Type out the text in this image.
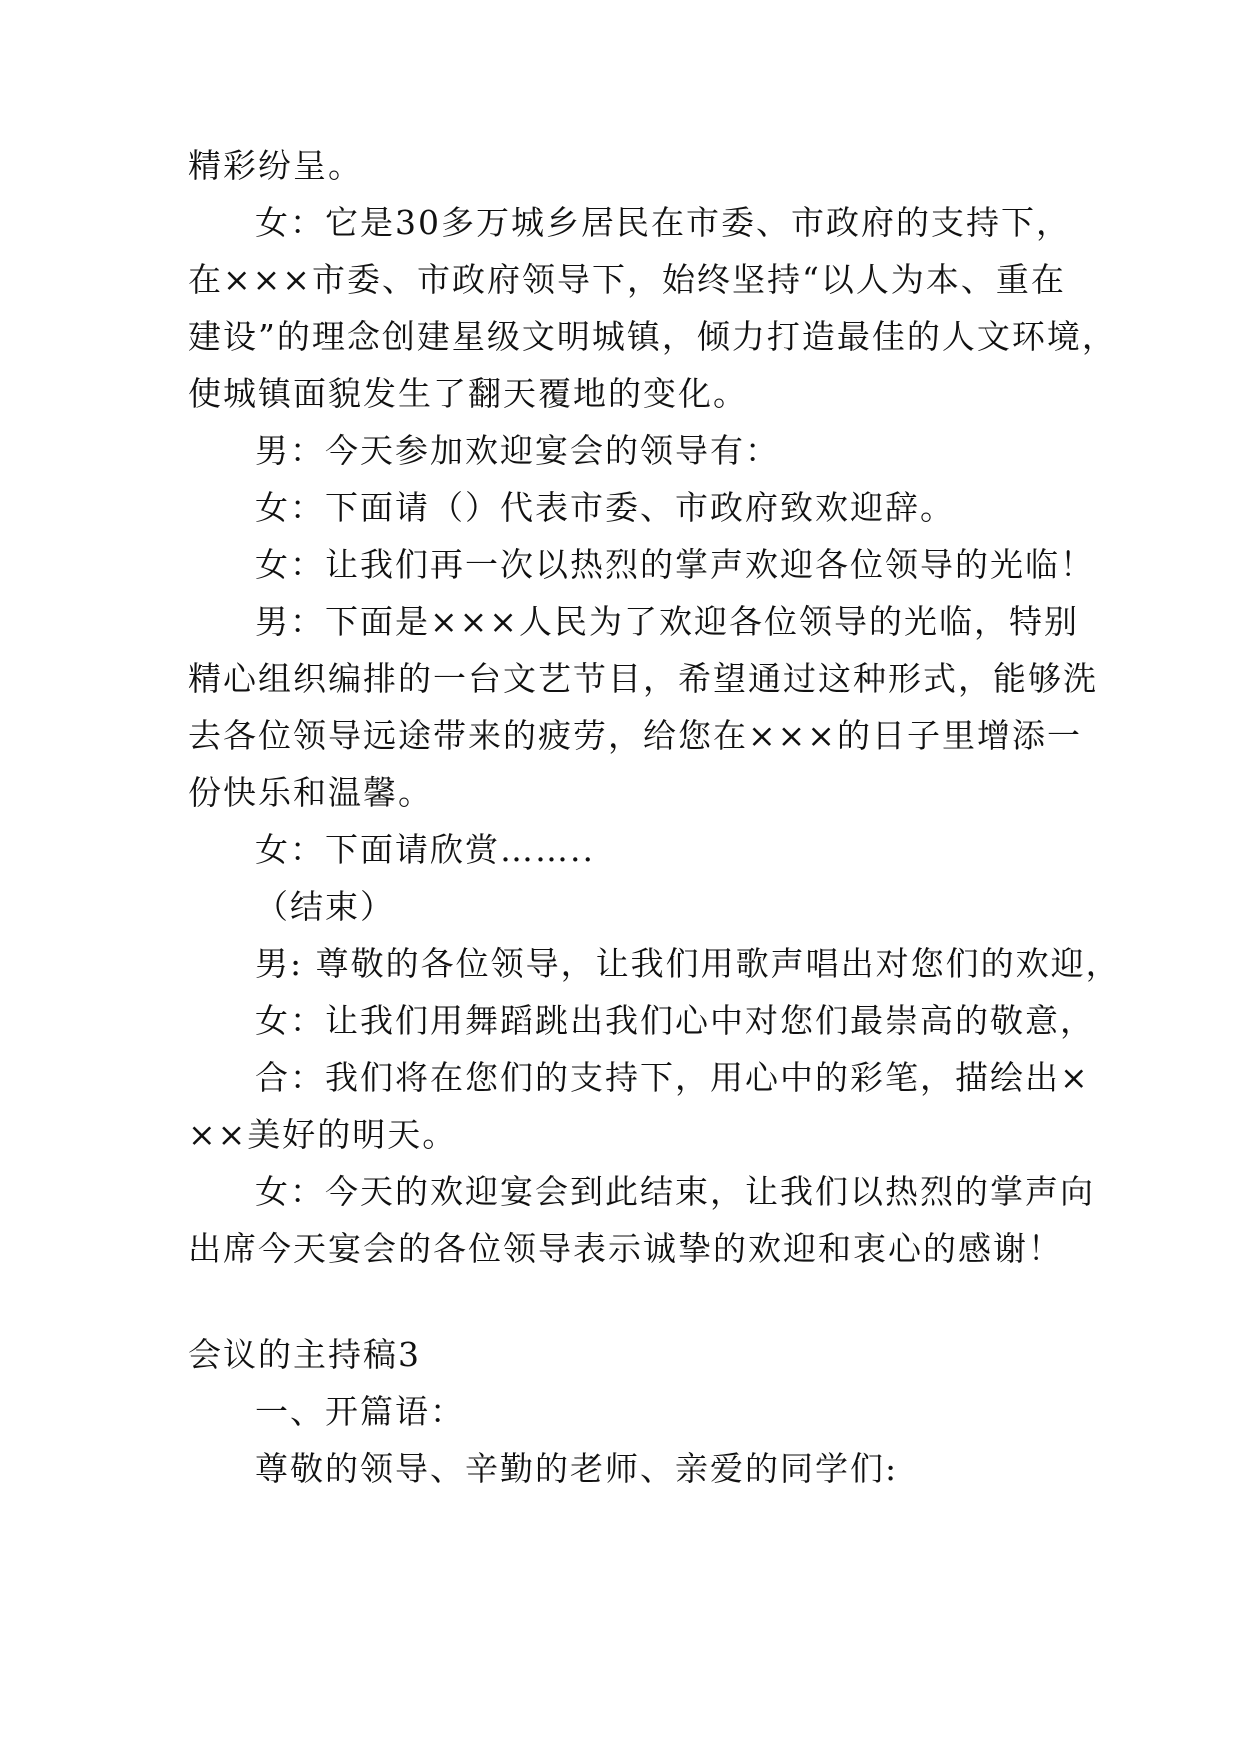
精彩纷呈。
女：它是30多万城乡居民在市委、市政府的支持下，
在×××市委、市政府领导下，始终坚持“以人为本、重在
建设”的理念创建星级文明城镇，倾力打造最佳的人文环境，
使城镇面貌发生了翻天覆地的变化。
男：今天参加欢迎宴会的领导有：
女：下面请（）代表市委、市政府致欢迎辞。
女：让我们再一次以热烈的掌声欢迎各位领导的光临！
男：下面是×××人民为了欢迎各位领导的光临，特别
精心组织编排的一台文艺节目，希望通过这种形式，能够洗
去各位领导远途带来的疲劳，给您在×××的日子里增添一
份快乐和温馨。
女：下面请欣赏……..
（结束）
男: 尊敬的各位领导，让我们用歌声唱出对您们的欢迎，
女：让我们用舞蹈跳出我们心中对您们最崇高的敬意，
合：我们将在您们的支持下，用心中的彩笔，描绘出×
××美好的明天。
女：今天的欢迎宴会到此结束，让我们以热烈的掌声向
出席今天宴会的各位领导表示诚挚的欢迎和衷心的感谢！
会议的主持稿3
一、开篇语：
尊敬的领导、辛勤的老师、亲爱的同学们:
